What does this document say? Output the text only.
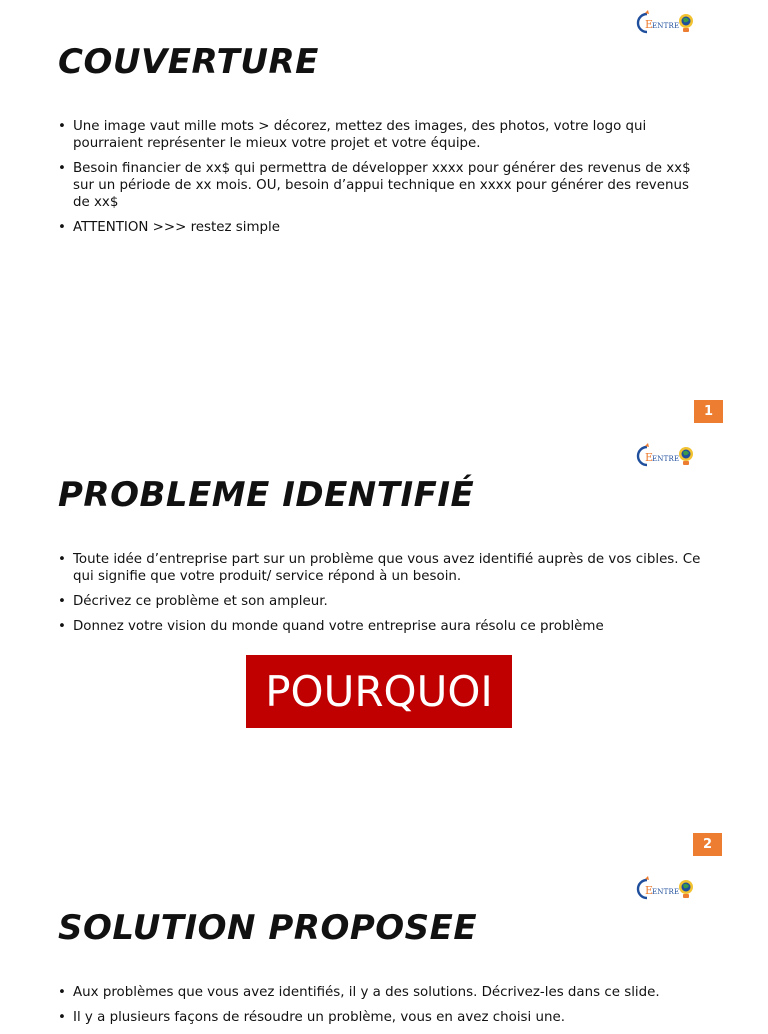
E
ENTRE
COUVERTURE
• Une image vaut mille mots > décorez, mettez des images, des photos, votre logo qui pourraient représenter le mieux votre projet et votre équipe.
• Besoin financier de xx$ qui permettra de développer xxxx pour générer des revenus de xx$ sur un période de xx mois. OU, besoin d’appui technique en xxxx pour générer des revenus de xx$
• ATTENTION >>> restez simple
1
E
ENTRE
PROBLEME IDENTIFIÉ
• Toute idée d’entreprise part sur un problème que vous avez identifié auprès de vos cibles. Ce qui signifie que votre produit/ service répond à un besoin.
• Décrivez ce problème et son ampleur.
• Donnez votre vision du monde quand votre entreprise aura résolu ce problème
POURQUOI
2
E
ENTRE
SOLUTION PROPOSEE
• Aux problèmes que vous avez identifiés, il y a des solutions. Décrivez-les dans ce slide.
• Il y a plusieurs façons de résoudre un problème, vous en avez choisi une.
